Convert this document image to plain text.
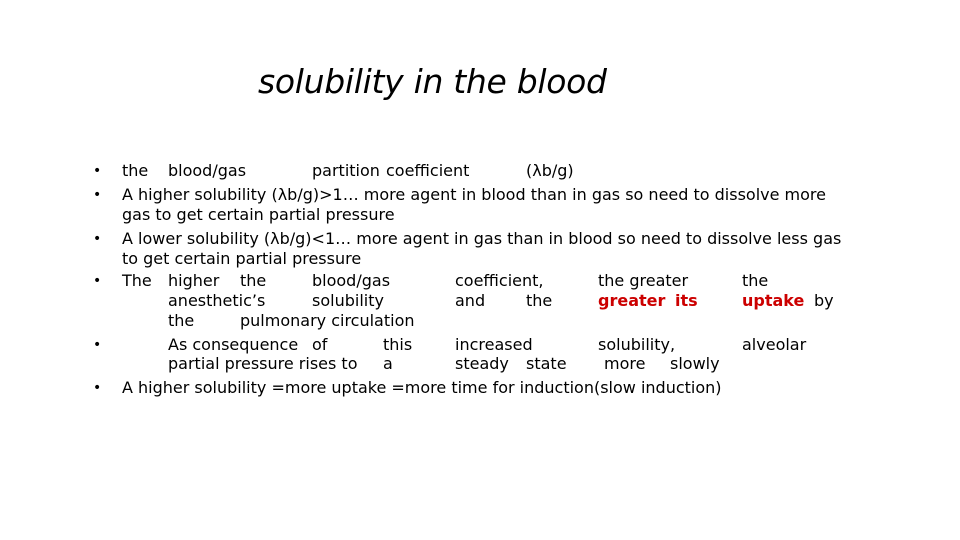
solubility in the blood
• the blood/gas	partition coefficient	(λb/g)
• A higher solubility (λb/g)>1… more agent in blood than in gas so need to dissolve more
gas to get certain partial pressure
• A lower solubility (λb/g)<1… more agent in gas than in blood so need to dissolve less gas
to get certain partial pressure
• The higher the	blood/gas	coefficient,	the greater	the
anesthetic’s	solubility	and	the	greater its	uptake by
the	pulmonary circulation
•	As consequence of	this	increased	solubility,	alveolar
partial pressure rises to a	steady state more slowly
• A higher solubility =more uptake =more time for induction(slow induction)
